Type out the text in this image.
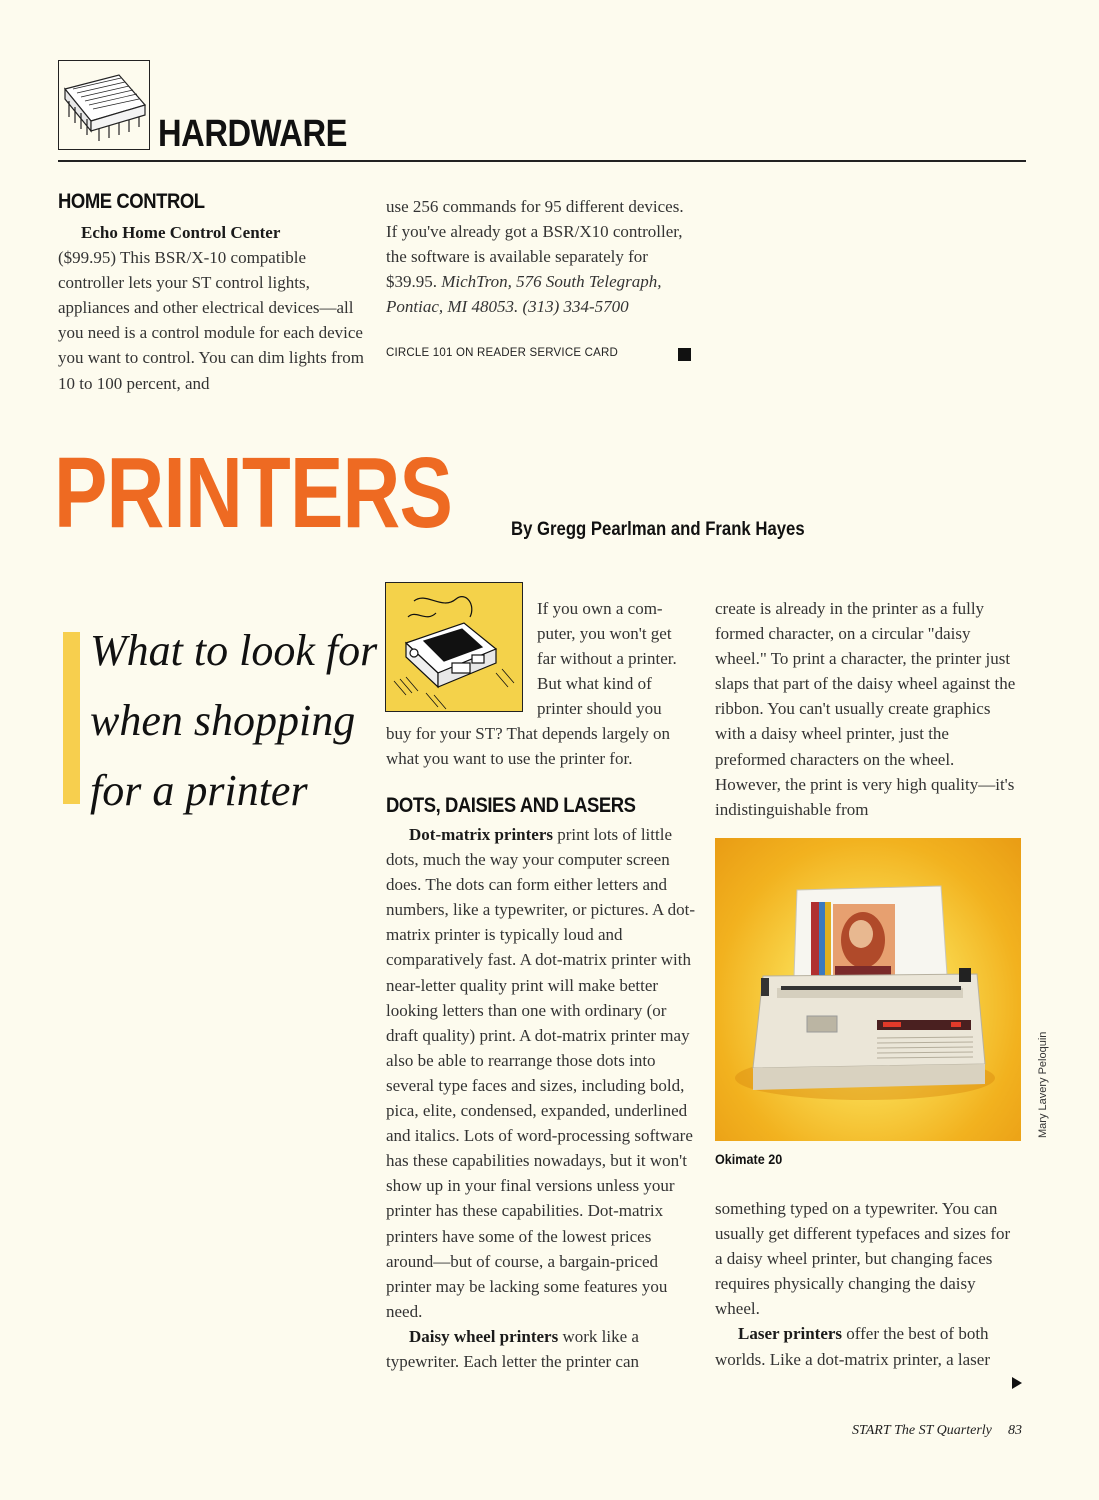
HARDWARE
HOME CONTROL

Echo Home Control Center

($99.95) This BSR/X-10 compatible controller lets your ST control lights, appliances and other electrical devices—all you need is a control module for each device you want to control. You can dim lights from 10 to 100 percent, and

use 256 commands for 95 different devices. If you've already got a BSR/X10 controller, the software is available separately for $39.95. MichTron, 576 South Telegraph, Pontiac, MI 48053. (313) 334-5700

CIRCLE 101 ON READER SERVICE CARD
PRINTERS	By Gregg Pearlman and Frank Hayes
What to look for
when shopping
for a printer
If you own a com-
puter, you won't get
far without a printer.
But what kind of
printer should you
buy for your ST? That depends largely on what you want to use the printer for.
DOTS, DAISIES AND LASERS

Dot-matrix printers print lots of little dots, much the way your computer screen does. The dots can form either letters and numbers, like a typewriter, or pictures. A dot-matrix printer is typically loud and comparatively fast. A dot-matrix printer with near-letter quality print will make better looking letters than one with ordinary (or draft quality) print. A dot-matrix printer may also be able to rearrange those dots into several type faces and sizes, including bold, pica, elite, condensed, expanded, underlined and italics. Lots of word-processing software has these capabilities nowadays, but it won't show up in your final versions unless your printer has these capabilities. Dot-matrix printers have some of the lowest prices around—but of course, a bargain-priced printer may be lacking some features you need.

Daisy wheel printers work like a typewriter. Each letter the printer can

create is already in the printer as a fully formed character, on a circular "daisy wheel." To print a character, the printer just slaps that part of the daisy wheel against the ribbon. You can't usually create graphics with a daisy wheel printer, just the preformed characters on the wheel. However, the print is very high quality—it's indistinguishable from
Mary Lavery Peloquin
Okimate 20

something typed on a typewriter. You can usually get different typefaces and sizes for a daisy wheel printer, but changing faces requires physically changing the daisy wheel.

Laser printers offer the best of both worlds. Like a dot-matrix printer, a laser

START The ST Quarterly 83
